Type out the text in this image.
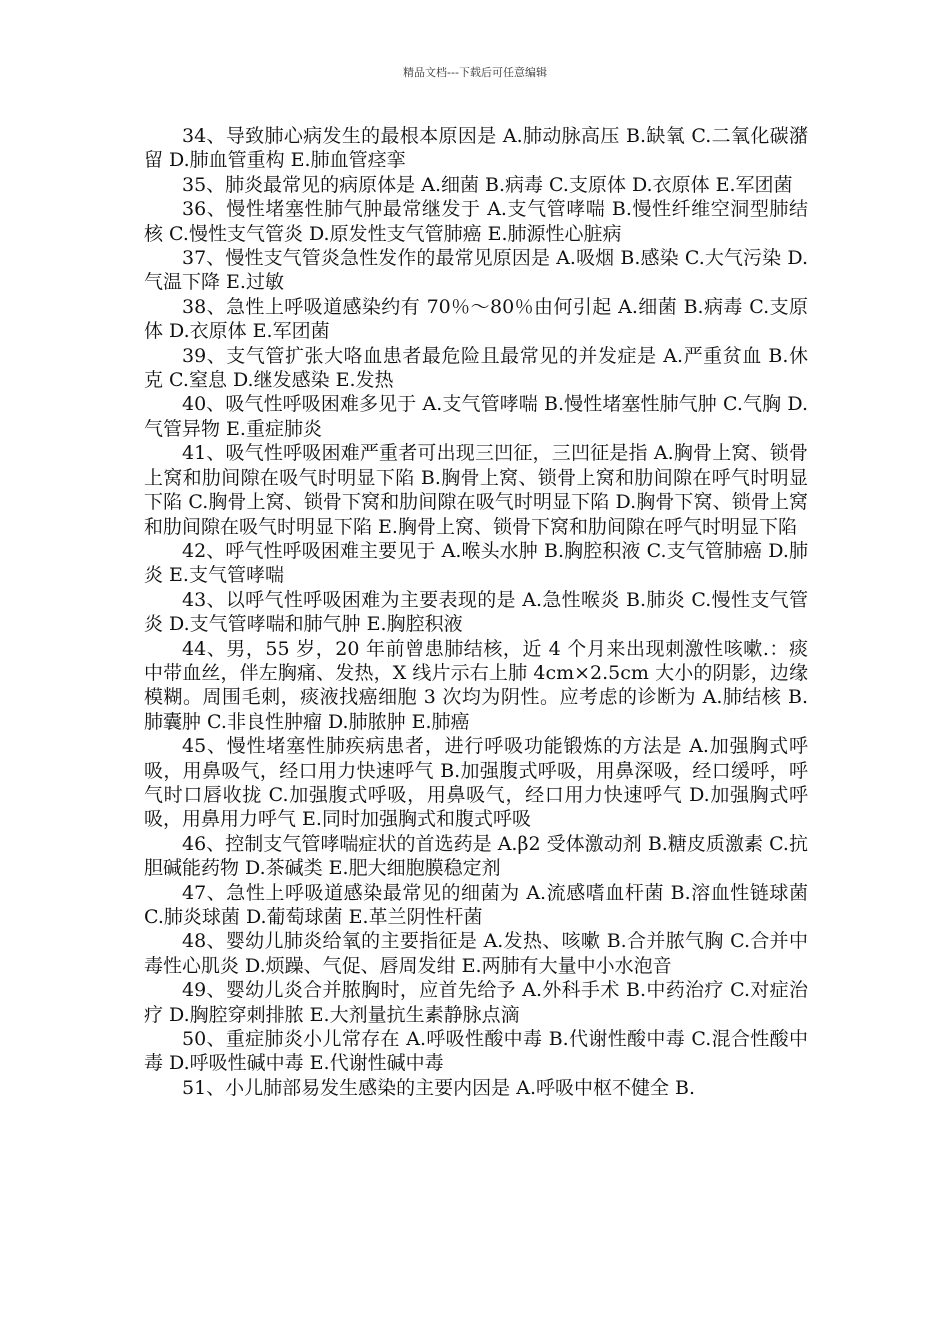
精品文档---下载后可任意编辑

34、导致肺心病发生的最根本原因是 A.肺动脉高压 B.缺氧 C.二氧化碳潴留 D.肺血管重构 E.肺血管痉挛

35、肺炎最常见的病原体是 A.细菌 B.病毒 C.支原体 D.衣原体 E.军团菌

36、慢性堵塞性肺气肿最常继发于 A.支气管哮喘 B.慢性纤维空洞型肺结核 C.慢性支气管炎 D.原发性支气管肺癌 E.肺源性心脏病

37、慢性支气管炎急性发作的最常见原因是 A.吸烟 B.感染 C.大气污染 D.气温下降 E.过敏

38、急性上呼吸道感染约有 70％～80％由何引起 A.细菌 B.病毒 C.支原体 D.衣原体 E.军团菌

39、支气管扩张大咯血患者最危险且最常见的并发症是 A.严重贫血 B.休克 C.窒息 D.继发感染 E.发热

40、吸气性呼吸困难多见于 A.支气管哮喘 B.慢性堵塞性肺气肿 C.气胸 D.气管异物 E.重症肺炎

41、吸气性呼吸困难严重者可出现三凹征，三凹征是指 A.胸骨上窝、锁骨上窝和肋间隙在吸气时明显下陷 B.胸骨上窝、锁骨上窝和肋间隙在呼气时明显下陷 C.胸骨上窝、锁骨下窝和肋间隙在吸气时明显下陷 D.胸骨下窝、锁骨上窝和肋间隙在吸气时明显下陷 E.胸骨上窝、锁骨下窝和肋间隙在呼气时明显下陷

42、呼气性呼吸困难主要见于 A.喉头水肿 B.胸腔积液 C.支气管肺癌 D.肺炎 E.支气管哮喘

43、以呼气性呼吸困难为主要表现的是 A.急性喉炎 B.肺炎 C.慢性支气管炎 D.支气管哮喘和肺气肿 E.胸腔积液

44、男，55 岁，20 年前曾患肺结核，近 4 个月来出现刺激性咳嗽.：痰中带血丝，伴左胸痛、发热，X 线片示右上肺 4cm×2.5cm 大小的阴影，边缘模糊。周围毛刺，痰液找癌细胞 3 次均为阴性。应考虑的诊断为 A.肺结核 B.肺囊肿 C.非良性肿瘤 D.肺脓肿 E.肺癌

45、慢性堵塞性肺疾病患者，进行呼吸功能锻炼的方法是 A.加强胸式呼吸，用鼻吸气，经口用力快速呼气 B.加强腹式呼吸，用鼻深吸，经口缓呼，呼气时口唇收拢 C.加强腹式呼吸，用鼻吸气，经口用力快速呼气 D.加强胸式呼吸，用鼻用力呼气 E.同时加强胸式和腹式呼吸

46、控制支气管哮喘症状的首选药是 A.β2 受体激动剂 B.糖皮质激素 C.抗胆碱能药物 D.茶碱类 E.肥大细胞膜稳定剂

47、急性上呼吸道感染最常见的细菌为 A.流感嗜血杆菌 B.溶血性链球菌 C.肺炎球菌 D.葡萄球菌 E.革兰阴性杆菌

48、婴幼儿肺炎给氧的主要指征是 A.发热、咳嗽 B.合并脓气胸 C.合并中毒性心肌炎 D.烦躁、气促、唇周发绀 E.两肺有大量中小水泡音

49、婴幼儿炎合并脓胸时，应首先给予 A.外科手术 B.中药治疗 C.对症治疗 D.胸腔穿刺排脓 E.大剂量抗生素静脉点滴

50、重症肺炎小儿常存在 A.呼吸性酸中毒 B.代谢性酸中毒 C.混合性酸中毒 D.呼吸性碱中毒 E.代谢性碱中毒

51、小儿肺部易发生感染的主要内因是 A.呼吸中枢不健全 B.
